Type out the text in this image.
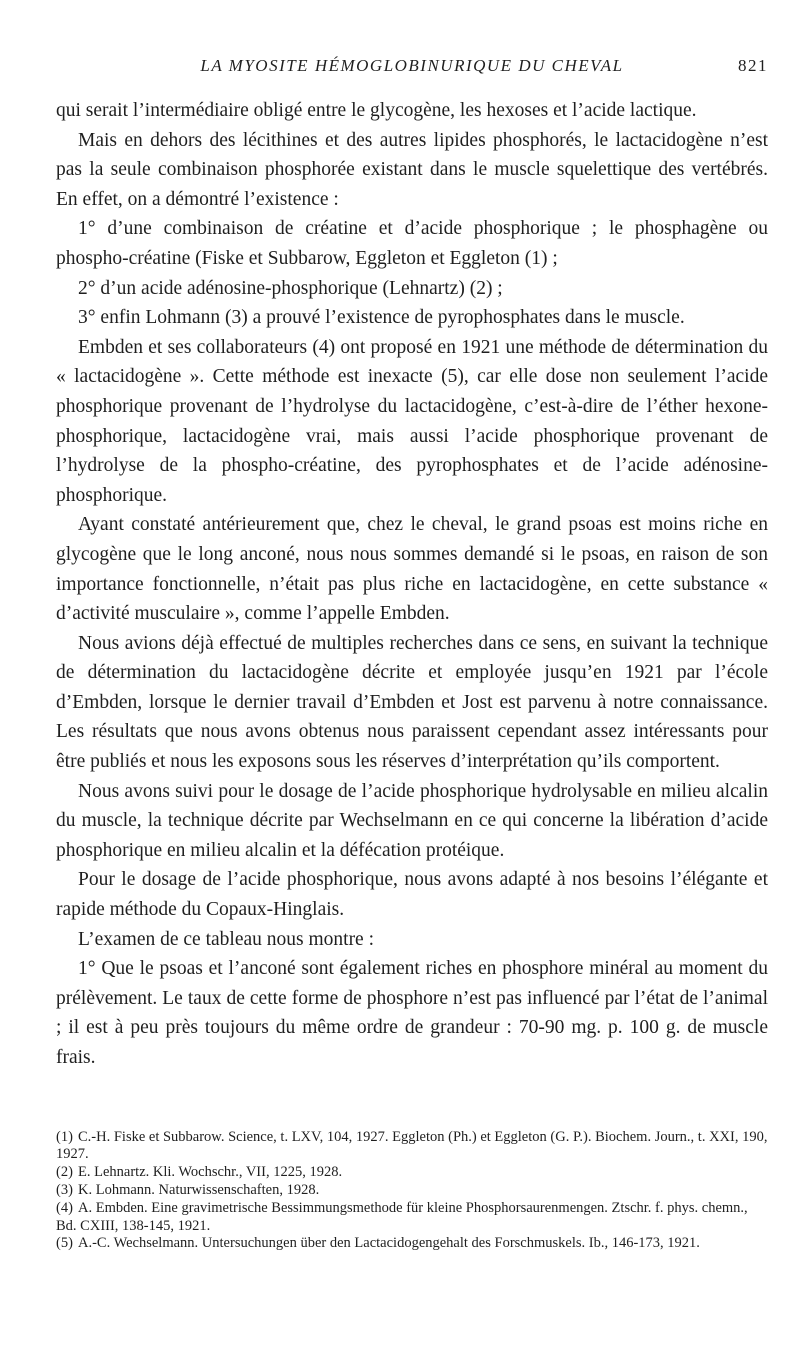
LA MYOSITE HÉMOGLOBINURIQUE DU CHEVAL	821

qui serait l’intermédiaire obligé entre le glycogène, les hexoses et l’acide lactique.

Mais en dehors des lécithines et des autres lipides phosphorés, le lactacidogène n’est pas la seule combinaison phosphorée existant dans le muscle squelettique des vertébrés. En effet, on a démontré l’existence :

1° d’une combinaison de créatine et d’acide phosphorique ; le phosphagène ou phospho-créatine (Fiske et Subbarow, Eggleton et Eggleton (1) ;

2° d’un acide adénosine-phosphorique (Lehnartz) (2) ;

3° enfin Lohmann (3) a prouvé l’existence de pyrophosphates dans le muscle.

Embden et ses collaborateurs (4) ont proposé en 1921 une méthode de détermination du « lactacidogène ». Cette méthode est inexacte (5), car elle dose non seulement l’acide phosphorique provenant de l’hydrolyse du lactacidogène, c’est-à-dire de l’éther hexone-phosphorique, lactacidogène vrai, mais aussi l’acide phosphorique provenant de l’hydrolyse de la phospho-créatine, des pyrophosphates et de l’acide adénosine-phosphorique.

Ayant constaté antérieurement que, chez le cheval, le grand psoas est moins riche en glycogène que le long anconé, nous nous sommes demandé si le psoas, en raison de son importance fonctionnelle, n’était pas plus riche en lactacidogène, en cette substance « d’activité musculaire », comme l’appelle Embden.

Nous avions déjà effectué de multiples recherches dans ce sens, en suivant la technique de détermination du lactacidogène décrite et employée jusqu’en 1921 par l’école d’Embden, lorsque le dernier travail d’Embden et Jost est parvenu à notre connaissance. Les résultats que nous avons obtenus nous paraissent cependant assez intéressants pour être publiés et nous les exposons sous les réserves d’interprétation qu’ils comportent.

Nous avons suivi pour le dosage de l’acide phosphorique hydrolysable en milieu alcalin du muscle, la technique décrite par Wechselmann en ce qui concerne la libération d’acide phosphorique en milieu alcalin et la défécation protéique.

Pour le dosage de l’acide phosphorique, nous avons adapté à nos besoins l’élégante et rapide méthode du Copaux-Hinglais.

L’examen de ce tableau nous montre :

1° Que le psoas et l’anconé sont également riches en phosphore minéral au moment du prélèvement. Le taux de cette forme de phosphore n’est pas influencé par l’état de l’animal ; il est à peu près toujours du même ordre de grandeur : 70-90 mg. p. 100 g. de muscle frais.

(1) C.-H. Fiske et Subbarow. Science, t. LXV, 104, 1927. Eggleton (Ph.) et Eggleton (G. P.). Biochem. Journ., t. XXI, 190, 1927.

(2) E. Lehnartz. Kli. Wochschr., VII, 1225, 1928.

(3) K. Lohmann. Naturwissenschaften, 1928.

(4) A. Embden. Eine gravimetrische Bessimmungsmethode für kleine Phosphorsaurenmengen. Ztschr. f. phys. chemn., Bd. CXIII, 138-145, 1921.

(5) A.-C. Wechselmann. Untersuchungen über den Lactacidogengehalt des Forschmuskels. Ib., 146-173, 1921.
